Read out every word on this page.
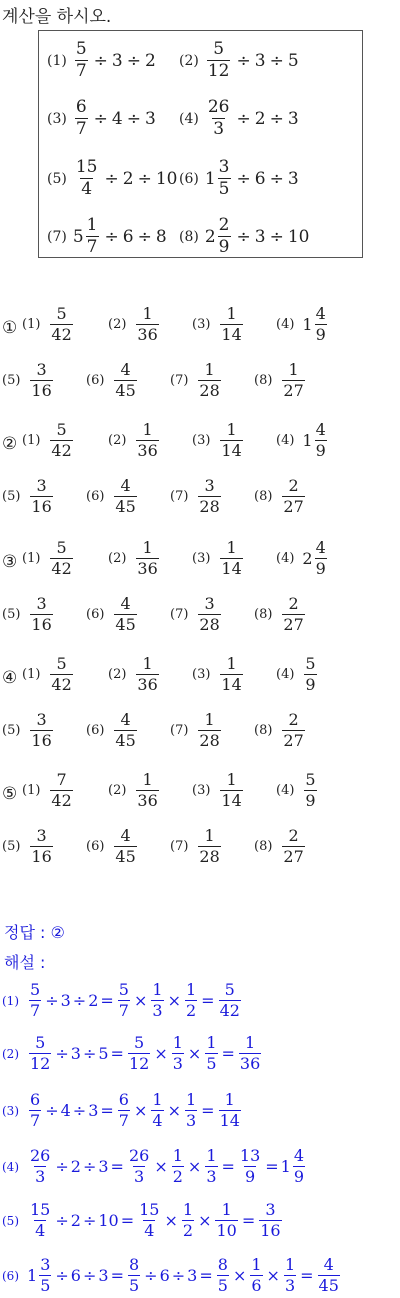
계산을 하시오.
$(1) \frac{5}{7} \div 3 \div 2$ $(2) \frac{5}{12} \div 3 \div 5$
$(3) \frac{6}{7} \div 4 \div 3$ $(4) \frac{26}{3} \div 2 \div 3$
$(5) \frac{15}{4} \div 2 \div 10$ (6) $1 \frac{3}{5} \div 6 \div 3$
(7) $5 \frac{1}{7} \div 6 \div 8$ (8) $2 \frac{2}{9} \div 3 \div 10$
① $(1) \frac{5}{42}$	$(2) \frac{1}{36}$	$(3) \frac{1}{14}$	(4) $1 \frac{4}{9}$
$(5) \frac{3}{16}$	$(6) \frac{4}{45}$	$(7) \frac{1}{28}$	$(8) \frac{1}{27}$
② $(1) \frac{5}{42}$	$(2) \frac{1}{36}$	$(3) \frac{1}{14}$	(4) $1 \frac{4}{9}$
$(5) \frac{3}{16}$	$(6) \frac{4}{45}$	$(7) \frac{3}{28}$	$(8) \frac{2}{27}$
③ $(1) \frac{5}{42}$	$(2) \frac{1}{36}$	$(3) \frac{1}{14}$	(4) $2 \frac{4}{9}$
$(5) \frac{3}{16}$	$(6) \frac{4}{45}$	$(7) \frac{3}{28}$	$(8) \frac{2}{27}$
④ $(1) \frac{5}{42}$	$(2) \frac{1}{36}$	$(3) \frac{1}{14}$	$(4) \frac{5}{9}$
$(5) \frac{3}{16}$	$(6) \frac{4}{45}$	$(7) \frac{1}{28}$	$(8) \frac{2}{27}$
⑤ $(1) \frac{7}{42}$	$(2) \frac{1}{36}$	$(3) \frac{1}{14}$	$(4) \frac{5}{9}$
$(5) \frac{3}{16}$	$(6) \frac{4}{45}$	$(7) \frac{1}{28}$	$(8) \frac{2}{27}$
정답 : ②
해설 :
$(1) \frac{5}{7} \div 3 \div 2 = \frac{5}{7} \times \frac{1}{3} \times \frac{1}{2} = \frac{5}{42}$
$(2) \frac{5}{12} \div 3 \div 5 = \frac{5}{12} \times \frac{1}{3} \times \frac{1}{5} = \frac{1}{36}$
$(3) \frac{6}{7} \div 4 \div 3 = \frac{6}{7} \times \frac{1}{4} \times \frac{1}{3} = \frac{1}{14}$
$(4) \frac{26}{3} \div 2 \div 3 = \frac{26}{3} \times \frac{1}{2} \times \frac{1}{3} = \frac{13}{9} = 1 \frac{4}{9}$
$(5) \frac{15}{4} \div 2 \div 10 = \frac{15}{4} \times \frac{1}{2} \times \frac{1}{10} = \frac{3}{16}$
(6) $1 \frac{3}{5} \div 6 \div 3 = \frac{8}{5} \div 6 \div 3 = \frac{8}{5} \times \frac{1}{6} \times \frac{1}{3} = \frac{4}{45}$
